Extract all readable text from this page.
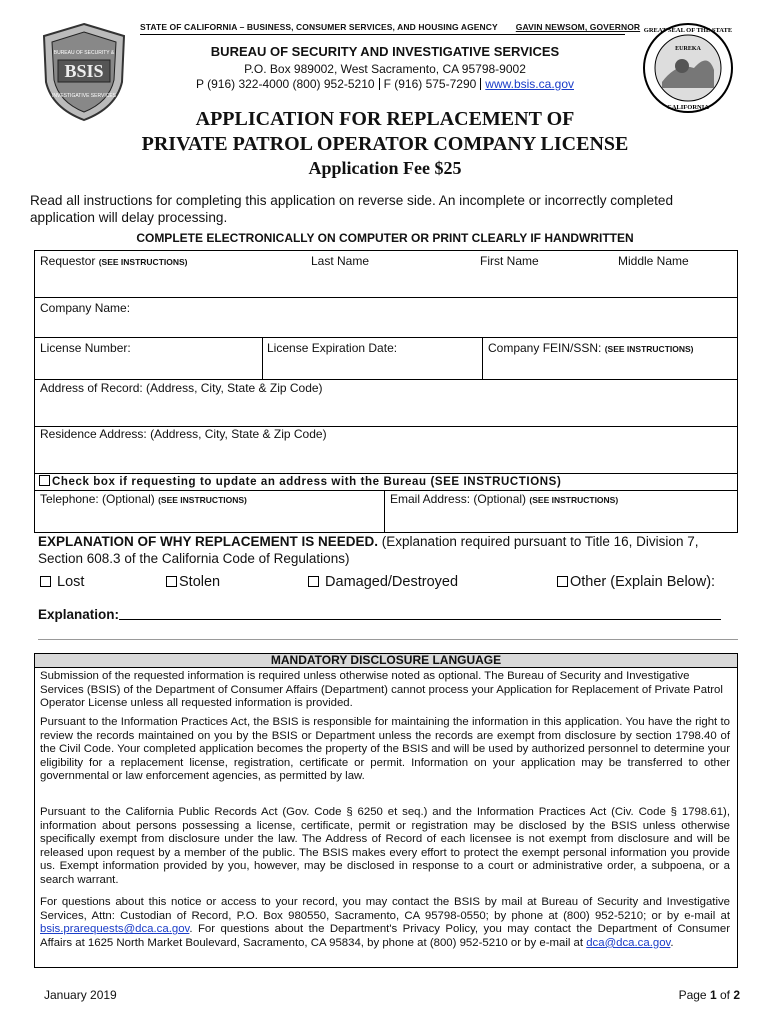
BSIS
BUREAU OF SECURITY &
INVESTIGATIVE SERVICES
EUREKA
GREAT SEAL OF THE STATE
CALIFORNIA
STATE OF CALIFORNIA – BUSINESS, CONSUMER SERVICES, AND HOUSING AGENCY GAVIN NEWSOM, GOVERNOR
BUREAU OF SECURITY AND INVESTIGATIVE SERVICES
P.O. Box 989002, West Sacramento, CA 95798-9002
P (916) 322-4000 (800) 952-5210 F (916) 575-7290 www.bsis.ca.gov
APPLICATION FOR REPLACEMENT OF
PRIVATE PATROL OPERATOR COMPANY LICENSE
Application Fee $25
Read all instructions for completing this application on reverse side. An incomplete or incorrectly completed application will delay processing.
COMPLETE ELECTRONICALLY ON COMPUTER OR PRINT CLEARLY IF HANDWRITTEN
Requestor (SEE INSTRUCTIONS)	Last Name	First Name	Middle Name
Company Name:
License Number:	License Expiration Date:	Company FEIN/SSN: (SEE INSTRUCTIONS)
Address of Record: (Address, City, State & Zip Code)
Residence Address: (Address, City, State & Zip Code)
Check box if requesting to update an address with the Bureau (SEE INSTRUCTIONS)
Telephone: (Optional) (SEE INSTRUCTIONS)	Email Address: (Optional) (SEE INSTRUCTIONS)
EXPLANATION OF WHY REPLACEMENT IS NEEDED. (Explanation required pursuant to Title 16, Division 7, Section 608.3 of the California Code of Regulations)
Lost	Stolen	Damaged/Destroyed	Other (Explain Below):
Explanation:
MANDATORY DISCLOSURE LANGUAGE
Submission of the requested information is required unless otherwise noted as optional. The Bureau of Security and Investigative Services (BSIS) of the Department of Consumer Affairs (Department) cannot process your Application for Replacement of Private Patrol Operator License unless all requested information is provided.
Pursuant to the Information Practices Act, the BSIS is responsible for maintaining the information in this application. You have the right to review the records maintained on you by the BSIS or Department unless the records are exempt from disclosure by section 1798.40 of the Civil Code. Your completed application becomes the property of the BSIS and will be used by authorized personnel to determine your eligibility for a replacement license, registration, certificate or permit. Information on your application may be transferred to other governmental or law enforcement agencies, as permitted by law.
Pursuant to the California Public Records Act (Gov. Code § 6250 et seq.) and the Information Practices Act (Civ. Code § 1798.61), information about persons possessing a license, certificate, permit or registration may be disclosed by the BSIS unless otherwise specifically exempt from disclosure under the law. The Address of Record of each licensee is not exempt from disclosure and will be released upon request by a member of the public. The BSIS makes every effort to protect the exempt personal information you provide us. Exempt information provided by you, however, may be disclosed in response to a court or administrative order, a subpoena, or a search warrant.
For questions about this notice or access to your record, you may contact the BSIS by mail at Bureau of Security and Investigative Services, Attn: Custodian of Record, P.O. Box 980550, Sacramento, CA 95798-0550; by phone at (800) 952-5210; or by e-mail at bsis.prarequests@dca.ca.gov. For questions about the Department's Privacy Policy, you may contact the Department of Consumer Affairs at 1625 North Market Boulevard, Sacramento, CA 95834, by phone at (800) 952-5210 or by e-mail at dca@dca.ca.gov.
January 2019	Page 1 of 2
